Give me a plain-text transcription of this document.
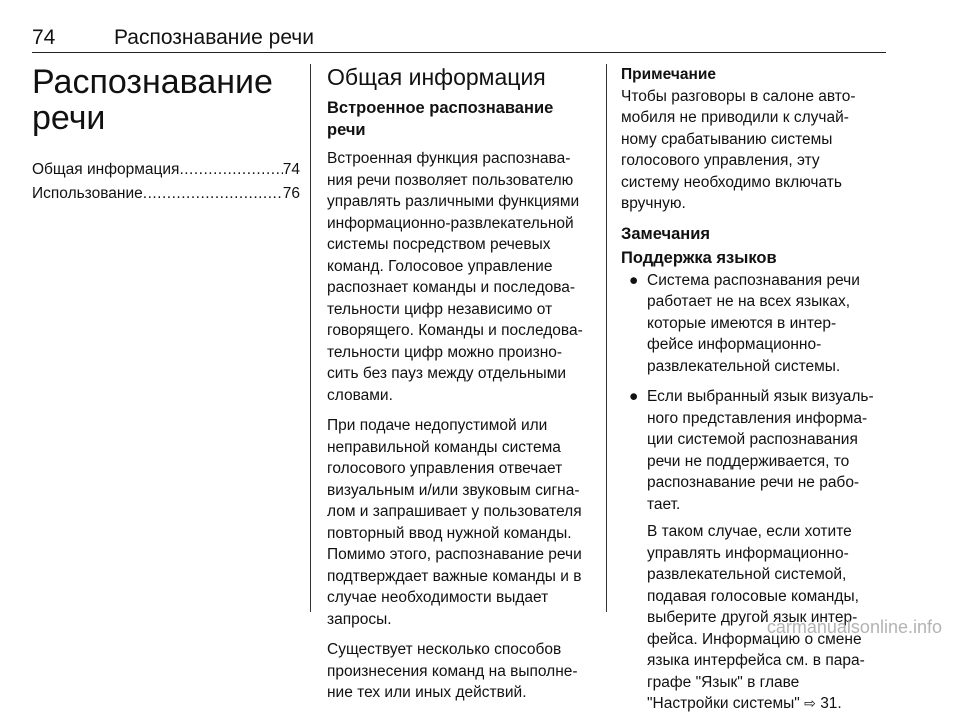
74	Распознавание речи
Распознавание
речи
Общая информация .....	74
Использование .....	76
Общая информация
Встроенное распознавание
речи
Встроенная функция распознава-
ния речи позволяет пользователю
управлять различными функциями
информационно-развлекательной
системы посредством речевых
команд. Голосовое управление
распознает команды и последова-
тельности цифр независимо от
говорящего. Команды и последова-
тельности цифр можно произно-
сить без пауз между отдельными
словами.
При подаче недопустимой или
неправильной команды система
голосового управления отвечает
визуальным и/или звуковым сигна-
лом и запрашивает у пользователя
повторный ввод нужной команды.
Помимо этого, распознавание речи
подтверждает важные команды и в
случае необходимости выдает
запросы.
Существует несколько способов
произнесения команд на выполне-
ние тех или иных действий.
Примечание
Чтобы разговоры в салоне авто-
мобиля не приводили к случай-
ному срабатыванию системы
голосового управления, эту
систему необходимо включать
вручную.
Замечания
Поддержка языков
● Система распознавания речи
работает не на всех языках,
которые имеются в интер-
фейсе информационно-
развлекательной системы.
● Если выбранный язык визуаль-
ного представления информа-
ции системой распознавания
речи не поддерживается, то
распознавание речи не рабо-
тает.
В таком случае, если хотите
управлять информационно-
развлекательной системой,
подавая голосовые команды,
выберите другой язык интер-
фейса. Информацию о смене
языка интерфейса см. в пара-
графе "Язык" в главе
"Настройки системы" ⇨ 31.
carmanualsonline.info
